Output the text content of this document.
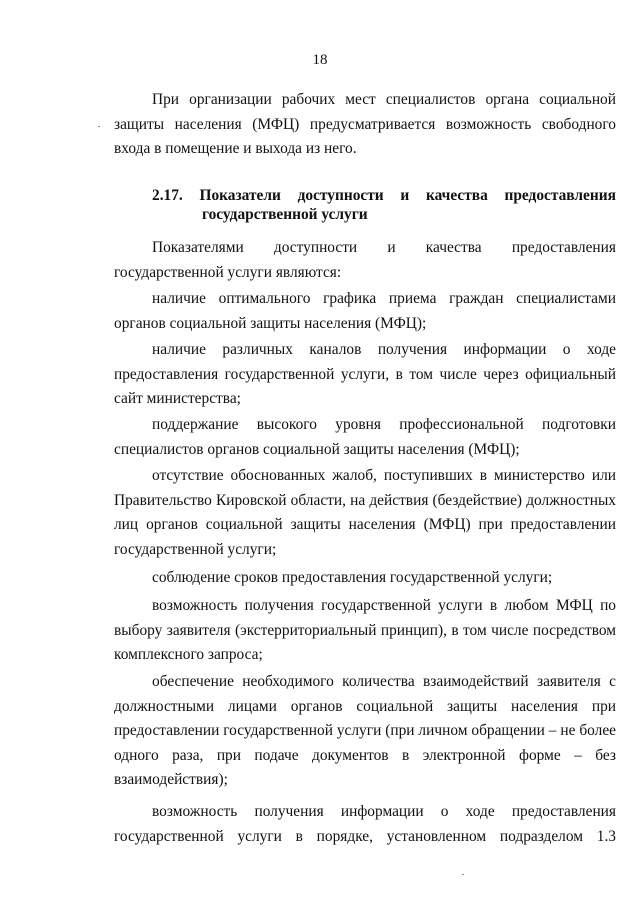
18

При организации рабочих мест специалистов органа социальной защиты населения (МФЦ) предусматривается возможность свободного входа в помещение и выхода из него.

2.17. Показатели доступности и качества предоставления
государственной услуги

Показателями доступности и качества предоставления государственной услуги являются:

наличие оптимального графика приема граждан специалистами органов социальной защиты населения (МФЦ);

наличие различных каналов получения информации о ходе предоставления государственной услуги, в том числе через официальный сайт министерства;

поддержание высокого уровня профессиональной подготовки специалистов органов социальной защиты населения (МФЦ);

отсутствие обоснованных жалоб, поступивших в министерство или Правительство Кировской области, на действия (бездействие) должностных лиц органов социальной защиты населения (МФЦ) при предоставлении государственной услуги;

соблюдение сроков предоставления государственной услуги;

возможность получения государственной услуги в любом МФЦ по выбору заявителя (экстерриториальный принцип), в том числе посредством комплексного запроса;

обеспечение необходимого количества взаимодействий заявителя с должностными лицами органов социальной защиты населения при предоставлении государственной услуги (при личном обращении – не более одного раза, при подаче документов в электронной форме – без взаимодействия);

возможность получения информации о ходе предоставления государственной услуги в порядке, установленном подразделом 1.3
